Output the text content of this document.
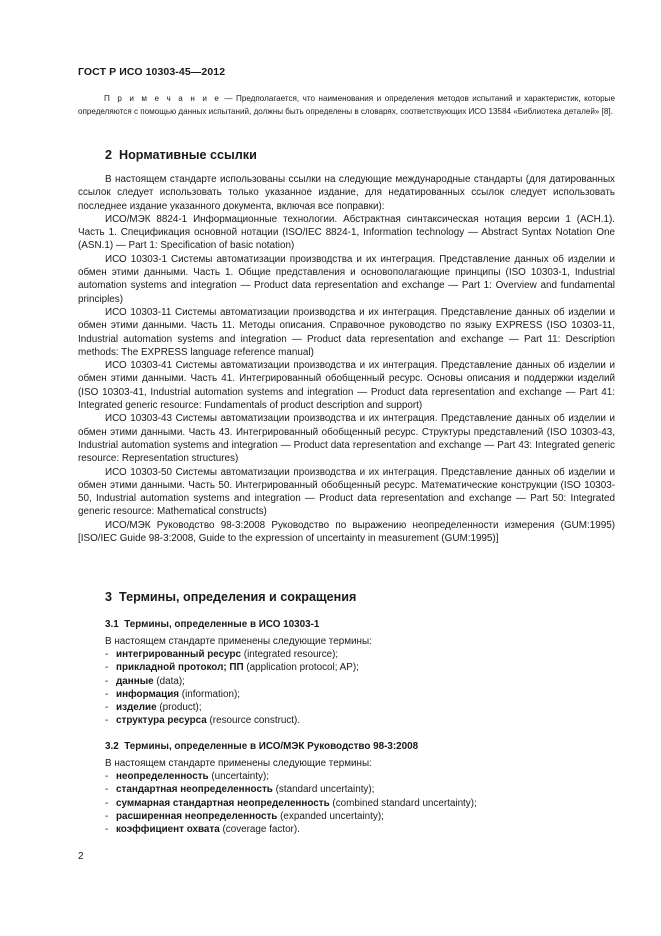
ГОСТ Р ИСО 10303-45—2012
П р и м е ч а н и е — Предполагается, что наименования и определения методов испытаний и характеристик, которые определяются с помощью данных испытаний, должны быть определены в словарях, соответствующих ИСО 13584 «Библиотека деталей» [8].
2 Нормативные ссылки

В настоящем стандарте использованы ссылки на следующие международные стандарты (для датированных ссылок следует использовать только указанное издание, для недатированных ссылок следует использовать последнее издание указанного документа, включая все поправки):

ИСО/МЭК 8824-1 Информационные технологии. Абстрактная синтаксическая нотация версии 1 (АСН.1). Часть 1. Спецификация основной нотации (ISO/IEC 8824-1, Information technology — Abstract Syntax Notation One (ASN.1) — Part 1: Specification of basic notation)

ИСО 10303-1 Системы автоматизации производства и их интеграция. Представление данных об изделии и обмен этими данными. Часть 1. Общие представления и основополагающие принципы (ISO 10303-1, Industrial automation systems and integration — Product data representation and exchange — Part 1: Overview and fundamental principles)

ИСО 10303-11 Системы автоматизации производства и их интеграция. Представление данных об изделии и обмен этими данными. Часть 11. Методы описания. Справочное руководство по языку EXPRESS (ISO 10303-11, Industrial automation systems and integration — Product data representation and exchange — Part 11: Description methods: The EXPRESS language reference manual)

ИСО 10303-41 Системы автоматизации производства и их интеграция. Представление данных об изделии и обмен этими данными. Часть 41. Интегрированный обобщенный ресурс. Основы описания и поддержки изделий (ISO 10303-41, Industrial automation systems and integration — Product data representation and exchange — Part 41: Integrated generic resource: Fundamentals of product description and support)

ИСО 10303-43 Системы автоматизации производства и их интеграция. Представление данных об изделии и обмен этими данными. Часть 43. Интегрированный обобщенный ресурс. Структуры представлений (ISO 10303-43, Industrial automation systems and integration — Product data representation and exchange — Part 43: Integrated generic resource: Representation structures)

ИСО 10303-50 Системы автоматизации производства и их интеграция. Представление данных об изделии и обмен этими данными. Часть 50. Интегрированный обобщенный ресурс. Математические конструкции (ISO 10303-50, Industrial automation systems and integration — Product data representation and exchange — Part 50: Integrated generic resource: Mathematical constructs)

ИСО/МЭК Руководство 98-3:2008 Руководство по выражению неопределенности измерения (GUM:1995) [ISO/IEC Guide 98-3:2008, Guide to the expression of uncertainty in measurement (GUM:1995)]

3 Термины, определения и сокращения
3.1 Термины, определенные в ИСО 10303-1

В настоящем стандарте применены следующие термины:

- интегрированный ресурс (integrated resource);
- прикладной протокол; ПП (application protocol; AP);
- данные (data);
- информация (information);
- изделие (product);
- структура ресурса (resource construct).
3.2 Термины, определенные в ИСО/МЭК Руководство 98-3:2008

В настоящем стандарте применены следующие термины:

- неопределенность (uncertainty);
- стандартная неопределенность (standard uncertainty);
- суммарная стандартная неопределенность (combined standard uncertainty);
- расширенная неопределенность (expanded uncertainty);
- коэффициент охвата (coverage factor).
2
